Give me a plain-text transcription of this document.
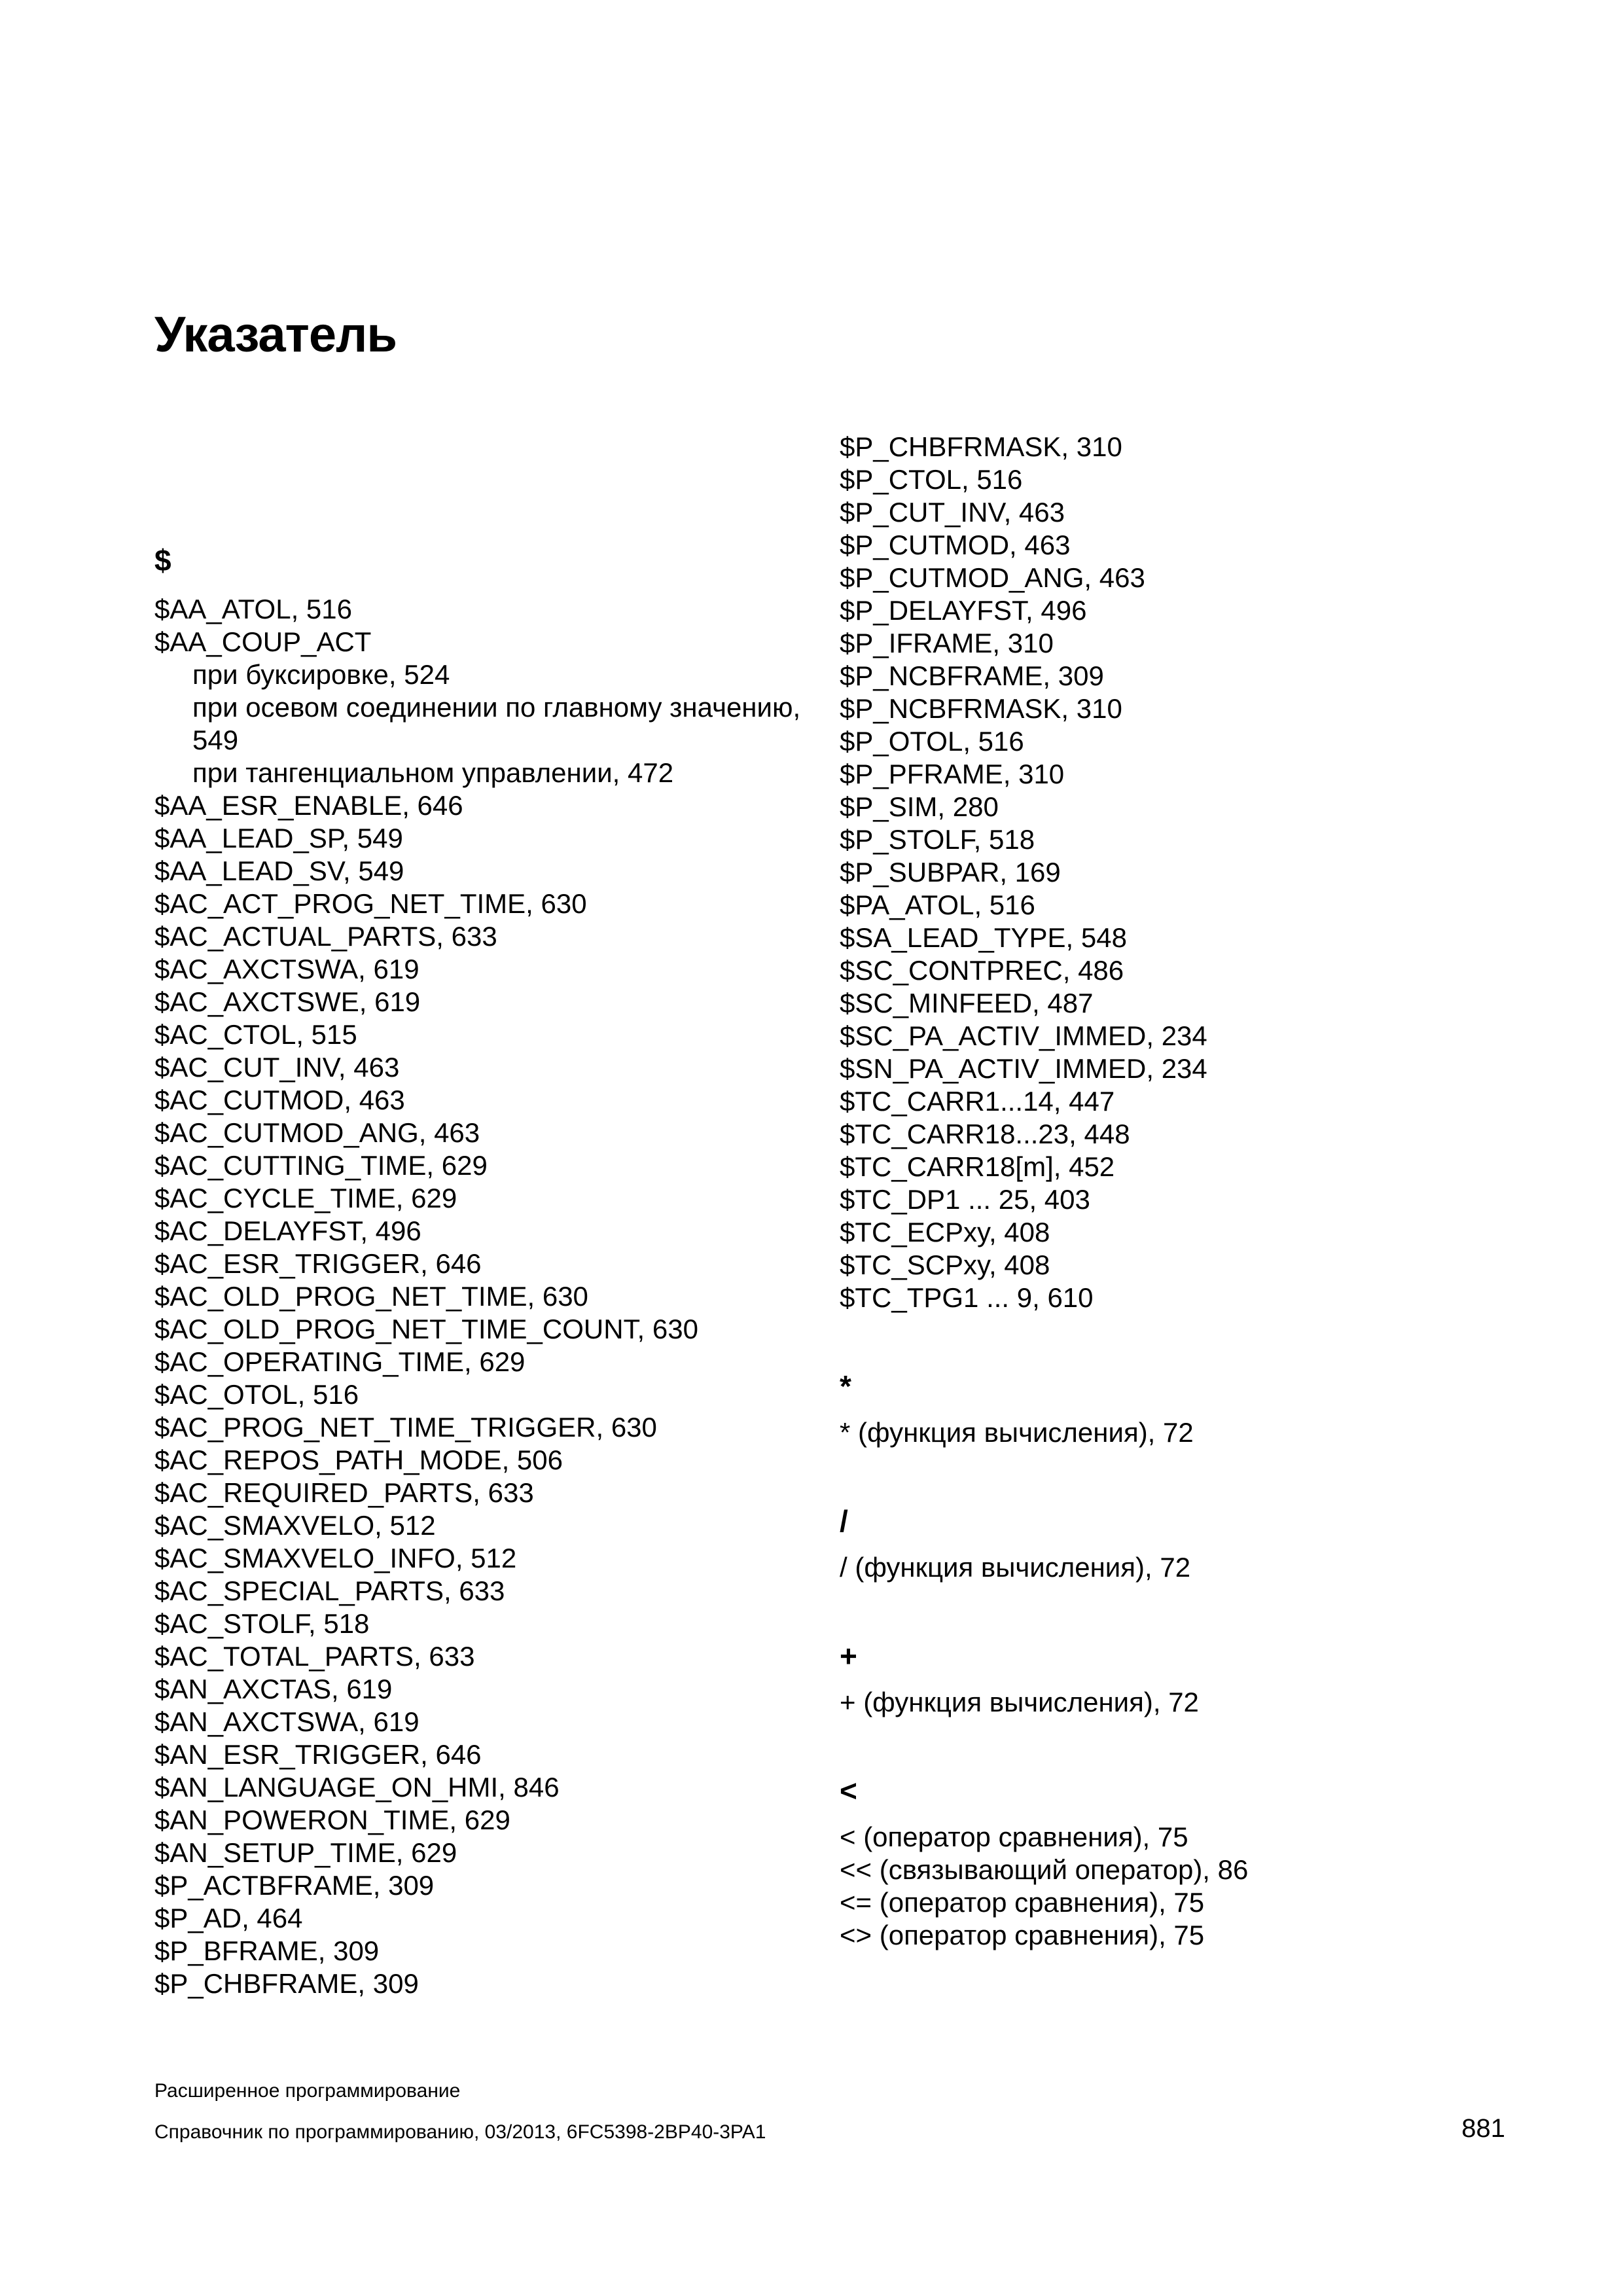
Указатель
$
$AA_ATOL, 516
$AA_COUP_ACT
при буксировке, 524
при осевом соединении по главному значению, 549
при тангенциальном управлении, 472
$AA_ESR_ENABLE, 646
$AA_LEAD_SP, 549
$AA_LEAD_SV, 549
$AC_ACT_PROG_NET_TIME, 630
$AC_ACTUAL_PARTS, 633
$AC_AXCTSWA, 619
$AC_AXCTSWE, 619
$AC_CTOL, 515
$AC_CUT_INV, 463
$AC_CUTMOD, 463
$AC_CUTMOD_ANG, 463
$AC_CUTTING_TIME, 629
$AC_CYCLE_TIME, 629
$AC_DELAYFST, 496
$AC_ESR_TRIGGER, 646
$AC_OLD_PROG_NET_TIME, 630
$AC_OLD_PROG_NET_TIME_COUNT, 630
$AC_OPERATING_TIME, 629
$AC_OTOL, 516
$AC_PROG_NET_TIME_TRIGGER, 630
$AC_REPOS_PATH_MODE, 506
$AC_REQUIRED_PARTS, 633
$AC_SMAXVELO, 512
$AC_SMAXVELO_INFO, 512
$AC_SPECIAL_PARTS, 633
$AC_STOLF, 518
$AC_TOTAL_PARTS, 633
$AN_AXCTAS, 619
$AN_AXCTSWA, 619
$AN_ESR_TRIGGER, 646
$AN_LANGUAGE_ON_HMI, 846
$AN_POWERON_TIME, 629
$AN_SETUP_TIME, 629
$P_ACTBFRAME, 309
$P_AD, 464
$P_BFRAME, 309
$P_CHBFRAME, 309
$P_CHBFRMASK, 310
$P_CTOL, 516
$P_CUT_INV, 463
$P_CUTMOD, 463
$P_CUTMOD_ANG, 463
$P_DELAYFST, 496
$P_IFRAME, 310
$P_NCBFRAME, 309
$P_NCBFRMASK, 310
$P_OTOL, 516
$P_PFRAME, 310
$P_SIM, 280
$P_STOLF, 518
$P_SUBPAR, 169
$PA_ATOL, 516
$SA_LEAD_TYPE, 548
$SC_CONTPREC, 486
$SC_MINFEED, 487
$SC_PA_ACTIV_IMMED, 234
$SN_PA_ACTIV_IMMED, 234
$TC_CARR1...14, 447
$TC_CARR18...23, 448
$TC_CARR18[m], 452
$TC_DP1 ... 25, 403
$TC_ECPxy, 408
$TC_SCPxy, 408
$TC_TPG1 ... 9, 610
*
* (функция вычисления), 72
/
/ (функция вычисления), 72
+
+ (функция вычисления), 72
<
< (оператор сравнения), 75
<< (связывающий оператор), 86
<= (оператор сравнения), 75
<> (оператор сравнения), 75
Расширенное программирование
Справочник по программированию, 03/2013, 6FC5398-2BP40-3PA1	881
